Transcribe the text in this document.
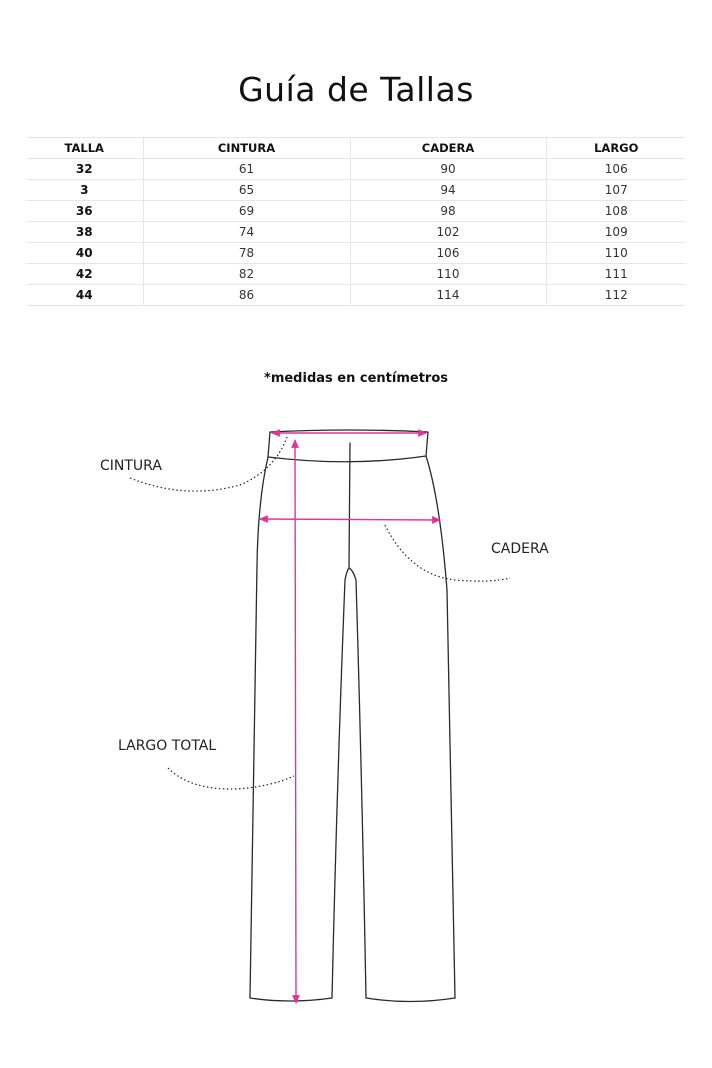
Guía de Tallas
TALLA	CINTURA	CADERA	LARGO
32	61	90	106
3	65	94	107
36	69	98	108
38	74	102	109
40	78	106	110
42	82	110	111
44	86	114	112
*medidas en centímetros
CINTURA
CADERA
LARGO TOTAL
